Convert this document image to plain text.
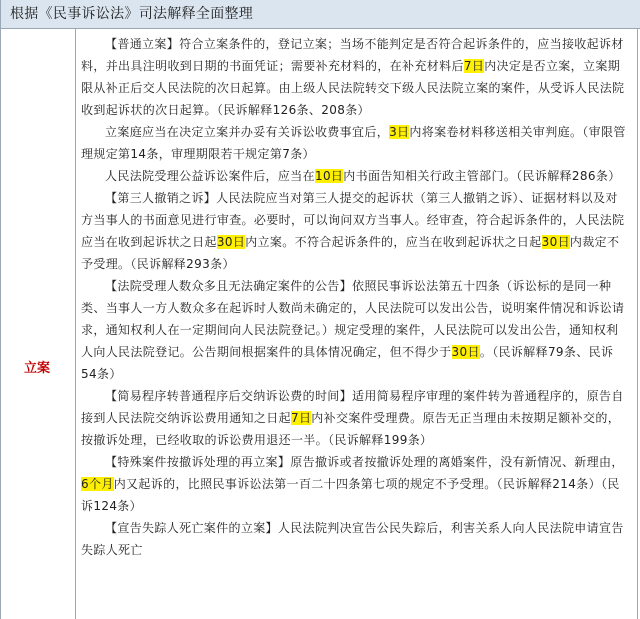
根据《民事诉讼法》司法解释全面整理
立案

【普通立案】符合立案条件的，登记立案；当场不能判定是否符合起诉条件的，应当接收起诉材料，并出具注明收到日期的书面凭证；需要补充材料的，在补充材料后7日内决定是否立案，立案期限从补正后交人民法院的次日起算。由上级人民法院转交下级人民法院立案的案件，从受诉人民法院收到起诉状的次日起算。（民诉解释126条、208条）

立案庭应当在决定立案并办妥有关诉讼收费事宜后，3日内将案卷材料移送相关审判庭。（审限管理规定第14条，审理期限若干规定第7条）

人民法院受理公益诉讼案件后，应当在10日内书面告知相关行政主管部门。（民诉解释286条）

【第三人撤销之诉】人民法院应当对第三人提交的起诉状（第三人撤销之诉）、证据材料以及对方当事人的书面意见进行审查。必要时，可以询问双方当事人。经审查，符合起诉条件的，人民法院应当在收到起诉状之日起30日内立案。不符合起诉条件的，应当在收到起诉状之日起30日内裁定不予受理。（民诉解释293条）

【法院受理人数众多且无法确定案件的公告】依照民事诉讼法第五十四条（诉讼标的是同一种类、当事人一方人数众多在起诉时人数尚未确定的，人民法院可以发出公告，说明案件情况和诉讼请求，通知权利人在一定期间向人民法院登记。）规定受理的案件，人民法院可以发出公告，通知权利人向人民法院登记。公告期间根据案件的具体情况确定，但不得少于30日。（民诉解释79条、民诉54条）

【简易程序转普通程序后交纳诉讼费的时间】适用简易程序审理的案件转为普通程序的，原告自接到人民法院交纳诉讼费用通知之日起7日内补交案件受理费。原告无正当理由未按期足额补交的，按撤诉处理，已经收取的诉讼费用退还一半。（民诉解释199条）

【特殊案件按撤诉处理的再立案】原告撤诉或者按撤诉处理的离婚案件，没有新情况、新理由，6个月内又起诉的，比照民事诉讼法第一百二十四条第七项的规定不予受理。（民诉解释214条）（民诉124条）

【宣告失踪人死亡案件的立案】人民法院判决宣告公民失踪后，利害关系人向人民法院申请宣告失踪人死亡
